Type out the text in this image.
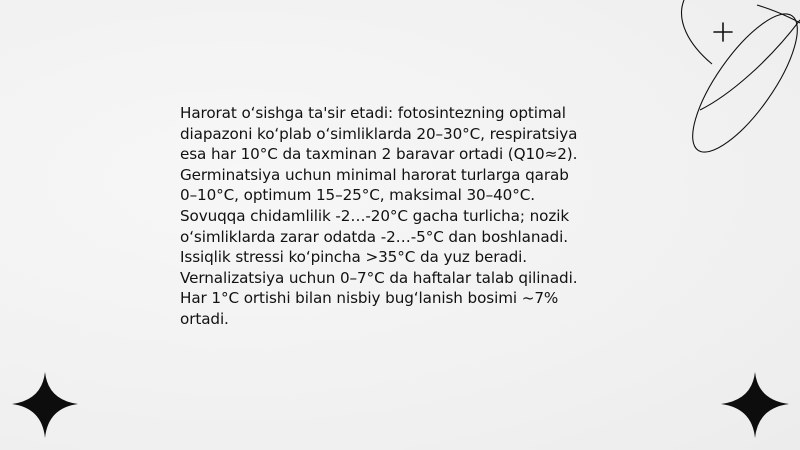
Harorat oʻsishga ta'sir etadi: fotosintezning optimal
diapazoni koʻplab oʻsimliklarda 20–30°C, respiratsiya
esa har 10°C da taxminan 2 baravar ortadi (Q10≈2).
Germinatsiya uchun minimal harorat turlarga qarab
0–10°C, optimum 15–25°C, maksimal 30–40°C.
Sovuqqa chidamlilik -2…-20°C gacha turlicha; nozik
oʻsimliklarda zarar odatda -2…-5°C dan boshlanadi.
Issiqlik stressi koʻpincha >35°C da yuz beradi.
Vernalizatsiya uchun 0–7°C da haftalar talab qilinadi.
Har 1°C ortishi bilan nisbiy bugʻlanish bosimi ~7%
ortadi.
